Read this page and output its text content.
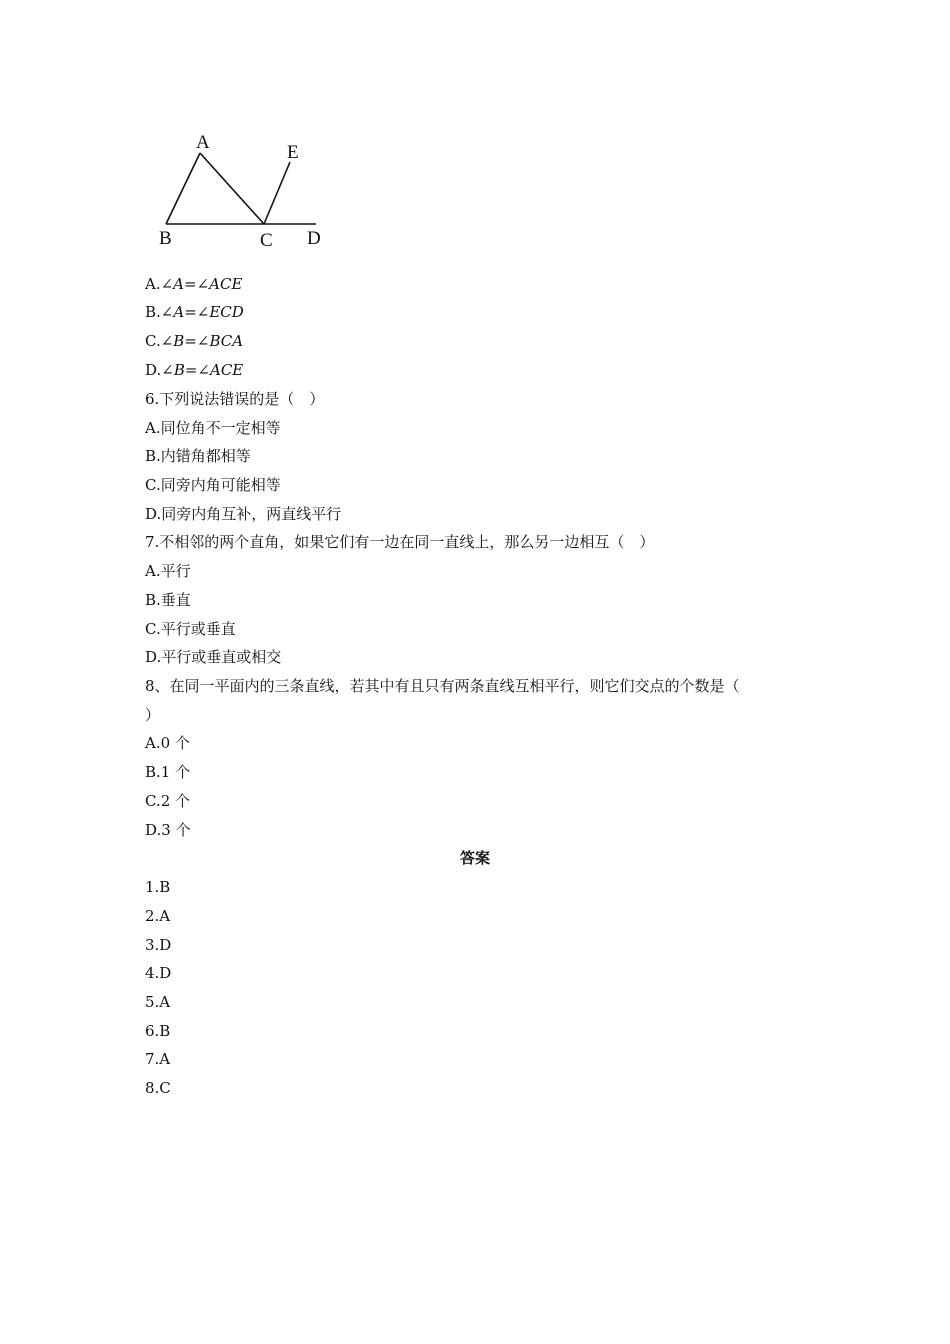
A
B	C D
E
A.∠A=∠ACE
B.∠A=∠ECD
C.∠B=∠BCA
D.∠B=∠ACE
6.下列说法错误的是（　）
A.同位角不一定相等
B.内错角都相等
C.同旁内角可能相等
D.同旁内角互补，两直线平行
7.不相邻的两个直角，如果它们有一边在同一直线上，那么另一边相互（　）
A.平行
B.垂直
C.平行或垂直
D.平行或垂直或相交
8、在同一平面内的三条直线，若其中有且只有两条直线互相平行，则它们交点的个数是（
）
A.0 个
B.1 个
C.2 个
D.3 个
答案
1.B
2.A
3.D
4.D
5.A
6.B
7.A
8.C
